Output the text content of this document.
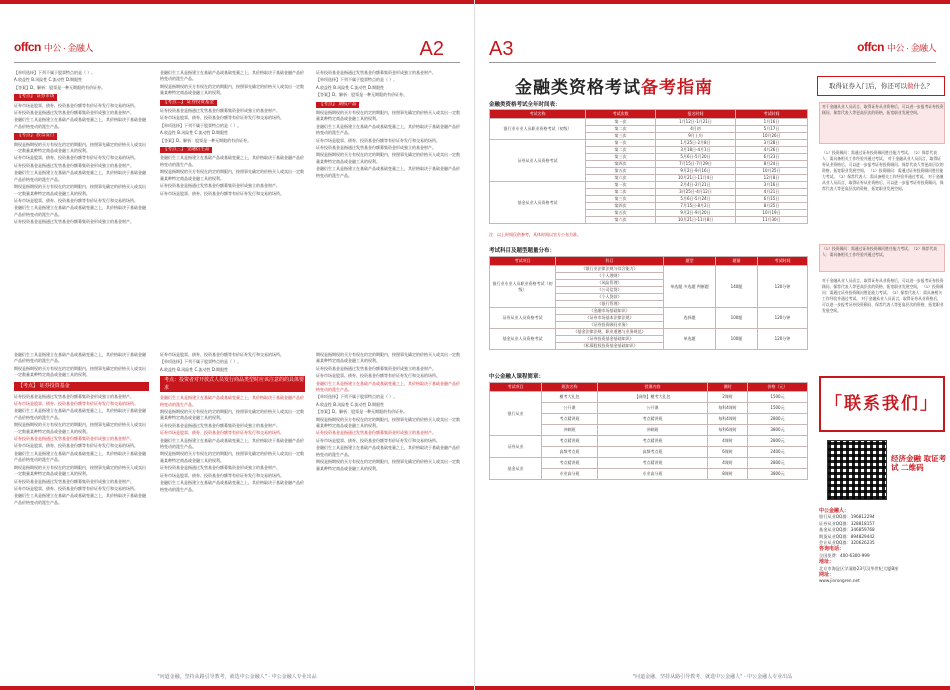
offcn 中公 · 金融人	A2

【单项选择】下列不属于股票特点的是（ ）。

A.收益性 B.风险性 C.流动性 D.期限性

【答案】D。解析：股票是一种无期限的有价证券。

【考点】 证券市场

证券市场是股票、债券、投资基金份额等有价证券发行和交易的场所。

证券投资基金是指通过发售基金份额募集资金形成独立的基金财产。

金融衍生工具是指建立在基础产品或基础变量之上，其价格取决于基础金融产品价格变动的派生产品。

【考点】 股票发行

期权是指期权的买方有权在约定的期限内，按照事先确定的价格买入或卖出一定数量某种特定商品或金融工具的权利。

证券市场是股票、债券、投资基金份额等有价证券发行和交易的场所。

证券投资基金是指通过发售基金份额募集资金形成独立的基金财产。

金融衍生工具是指建立在基础产品或基础变量之上，其价格取决于基础金融产品价格变动的派生产品。

期权是指期权的买方有权在约定的期限内，按照事先确定的价格买入或卖出一定数量某种特定商品或金融工具的权利。

证券市场是股票、债券、投资基金份额等有价证券发行和交易的场所。

金融衍生工具是指建立在基础产品或基础变量之上，其价格取决于基础金融产品价格变动的派生产品。

证券投资基金是指通过发售基金份额募集资金形成独立的基金财产。

金融衍生工具是指建立在基础产品或基础变量之上，其价格取决于基础金融产品价格变动的派生产品。

期权是指期权的买方有权在约定的期限内，按照事先确定的价格买入或卖出一定数量某种特定商品或金融工具的权利。

【考点二】 证券投资基金

证券投资基金是指通过发售基金份额募集资金形成独立的基金财产。

证券市场是股票、债券、投资基金份额等有价证券发行和交易的场所。

【单项选择】下列不属于股票特点的是（ ）。

A.收益性 B.风险性 C.流动性 D.期限性

【答案】D。解析：股票是一种无期限的有价证券。

【考点三】 金融衍生品

金融衍生工具是指建立在基础产品或基础变量之上，其价格取决于基础金融产品价格变动的派生产品。

期权是指期权的买方有权在约定的期限内，按照事先确定的价格买入或卖出一定数量某种特定商品或金融工具的权利。

证券投资基金是指通过发售基金份额募集资金形成独立的基金财产。

证券市场是股票、债券、投资基金份额等有价证券发行和交易的场所。

证券投资基金是指通过发售基金份额募集资金形成独立的基金财产。

【单项选择】下列不属于股票特点的是（ ）。

A.收益性 B.风险性 C.流动性 D.期限性

【答案】D。解析：股票是一种无期限的有价证券。

【考点】 期权产品

期权是指期权的买方有权在约定的期限内，按照事先确定的价格买入或卖出一定数量某种特定商品或金融工具的权利。

金融衍生工具是指建立在基础产品或基础变量之上，其价格取决于基础金融产品价格变动的派生产品。

证券市场是股票、债券、投资基金份额等有价证券发行和交易的场所。

证券投资基金是指通过发售基金份额募集资金形成独立的基金财产。

期权是指期权的买方有权在约定的期限内，按照事先确定的价格买入或卖出一定数量某种特定商品或金融工具的权利。

金融衍生工具是指建立在基础产品或基础变量之上，其价格取决于基础金融产品价格变动的派生产品。

金融衍生工具是指建立在基础产品或基础变量之上，其价格取决于基础金融产品价格变动的派生产品。

期权是指期权的买方有权在约定的期限内，按照事先确定的价格买入或卖出一定数量某种特定商品或金融工具的权利。

【考点】 证券投资基金

证券投资基金是指通过发售基金份额募集资金形成独立的基金财产。

证券市场是股票、债券、投资基金份额等有价证券发行和交易的场所。

金融衍生工具是指建立在基础产品或基础变量之上，其价格取决于基础金融产品价格变动的派生产品。

期权是指期权的买方有权在约定的期限内，按照事先确定的价格买入或卖出一定数量某种特定商品或金融工具的权利。

证券投资基金是指通过发售基金份额募集资金形成独立的基金财产。

证券市场是股票、债券、投资基金份额等有价证券发行和交易的场所。

金融衍生工具是指建立在基础产品或基础变量之上，其价格取决于基础金融产品价格变动的派生产品。

期权是指期权的买方有权在约定的期限内，按照事先确定的价格买入或卖出一定数量某种特定商品或金融工具的权利。

证券投资基金是指通过发售基金份额募集资金形成独立的基金财产。

证券市场是股票、债券、投资基金份额等有价证券发行和交易的场所。

金融衍生工具是指建立在基础产品或基础变量之上，其价格取决于基础金融产品价格变动的派生产品。

证券市场是股票、债券、投资基金份额等有价证券发行和交易的场所。

【单项选择】下列不属于股票特点的是（ ）。

A.收益性 B.风险性 C.流动性 D.期限性

考点：投资者对开放式人员发行商品类型时应该注意的的具体要求

金融衍生工具是指建立在基础产品或基础变量之上，其价格取决于基础金融产品价格变动的派生产品。

期权是指期权的买方有权在约定的期限内，按照事先确定的价格买入或卖出一定数量某种特定商品或金融工具的权利。

证券投资基金是指通过发售基金份额募集资金形成独立的基金财产。

证券市场是股票、债券、投资基金份额等有价证券发行和交易的场所。

金融衍生工具是指建立在基础产品或基础变量之上，其价格取决于基础金融产品价格变动的派生产品。

期权是指期权的买方有权在约定的期限内，按照事先确定的价格买入或卖出一定数量某种特定商品或金融工具的权利。

证券投资基金是指通过发售基金份额募集资金形成独立的基金财产。

证券市场是股票、债券、投资基金份额等有价证券发行和交易的场所。

金融衍生工具是指建立在基础产品或基础变量之上，其价格取决于基础金融产品价格变动的派生产品。

期权是指期权的买方有权在约定的期限内，按照事先确定的价格买入或卖出一定数量某种特定商品或金融工具的权利。

证券投资基金是指通过发售基金份额募集资金形成独立的基金财产。

证券市场是股票、债券、投资基金份额等有价证券发行和交易的场所。

金融衍生工具是指建立在基础产品或基础变量之上，其价格取决于基础金融产品价格变动的派生产品。

【单项选择】下列不属于股票特点的是（ ）。

A.收益性 B.风险性 C.流动性 D.期限性

【答案】D。解析：股票是一种无期限的有价证券。

期权是指期权的买方有权在约定的期限内，按照事先确定的价格买入或卖出一定数量某种特定商品或金融工具的权利。

证券投资基金是指通过发售基金份额募集资金形成独立的基金财产。

证券市场是股票、债券、投资基金份额等有价证券发行和交易的场所。

金融衍生工具是指建立在基础产品或基础变量之上，其价格取决于基础金融产品价格变动的派生产品。

期权是指期权的买方有权在约定的期限内，按照事先确定的价格买入或卖出一定数量某种特定商品或金融工具的权利。

"问道金融，坚持从路引导教考，就选中公金融人" · 中公金融人专业出品
A3	offcn 中公 · 金融人
金融类资格考试备考指南
金融类资格考试全年时间表：
考试名称	考试次数	报名时间	考试时间
银行业专业人员职业资格考试（初级）	第一次	1月12日-1月21日	1月16日
	第二次	4月初	5月17日
	第三次	9月上旬	10月26日
证券从业人员资格考试	第一次	1月25日-2月8日	3月28日
	第二次	3月18日-4月1日	4月26日
	第三次	5月6日-5月20日	6月23日
	第四次	7月15日-7月29日	8月24日
	第五次	9月2日-9月16日	10月25日
	第六次	10月21日-11月4日	12月8日
基金从业人员资格考试	第一次	2月4日-2月21日	3月16日
	第二次	3月25日-4月12日	4月21日
	第三次	5月6日-5月24日	6月15日
	第四次	7月15日-8月2日	8月25日
	第五次	9月2日-9月20日	10月19日
	第六次	10月21日-11月8日	11月30日
注：以上时间仅供参考，具体时间以官方公布为准。
考试科目及题型题量分布：
考试项目	科目	题型	题量	考试时间
银行业专业人员职业资格考试（初级）	《银行业法律法规与综合能力》	单选题 多选题 判断题	140题	120分钟
	《个人理财》			
	《风险管理》			
	《公司信贷》			
	《个人贷款》			
	《银行管理》			
证券从业人员资格考试	《金融市场基础知识》	选择题	100题	120分钟
	《证券市场基本法律法规》			
	《证券投资顾问业务》			
基金从业人员资格考试	《基金法律法规、职业道德与业务规范》	单选题	100题	120分钟
	《证券投资基金基础知识》			
	《私募股权投资基金基础知识》			
中公金融人课程简章：
考试项目	班次名称	授课内容	课时	价格（元）
银行从业	模考大礼包	【网络】模考大礼包	2课时	1500元
	公开课	公开课	每科4课时	1500元
	考点精讲班	考点精讲班	每科4课时	2800元
	冲刺班	冲刺班	每科6课时	3800元
证券从业	考点精讲班	考点精讲班	4课时	2800元
	高频考点班	高频考点班	6课时	2400元
基金从业	考点精讲班	考点精讲班	4课时	2800元
	专业高分班	专业高分班	8课时	3800元
取得证券入门后，你还可以做什么？
对于金融从业人员而言，取得证券从业资格后，可以进一步报考证券投资顾问、保荐代表人等更高层次的资格，拓宽职业发展空间。
（1）投资顾问：需通过证券投资顾问胜任能力考试。（2）保荐代表人：需具备相关工作经验并通过考试。 对于金融从业人员而言，取得证券从业资格后，可以进一步报考证券投资顾问、保荐代表人等更高层次的资格，拓宽职业发展空间。 （1）投资顾问：需通过证券投资顾问胜任能力考试。（2）保荐代表人：需具备相关工作经验并通过考试。 对于金融从业人员而言，取得证券从业资格后，可以进一步报考证券投资顾问、保荐代表人等更高层次的资格，拓宽职业发展空间。
（1）投资顾问：需通过证券投资顾问胜任能力考试。（2）保荐代表人：需具备相关工作经验并通过考试。
对于金融从业人员而言，取得证券从业资格后，可以进一步报考证券投资顾问、保荐代表人等更高层次的资格，拓宽职业发展空间。 （1）投资顾问：需通过证券投资顾问胜任能力考试。（2）保荐代表人：需具备相关工作经验并通过考试。 对于金融从业人员而言，取得证券从业资格后，可以进一步报考证券投资顾问、保荐代表人等更高层次的资格，拓宽职业发展空间。
「联系我们」
经济金融 取证考试 二维码
中公金融人：
银行从业QQ群：196812294
证券从业QQ群：328818157
基金从业QQ群：346859768
期货从业QQ群：894829442
会计从业QQ群：320626235
咨询电话：
全国免费：400-6300-999
地址：
北京市海淀区学清路23号汉华世纪大厦B座
网址：
www.jinrongren.net
"问道金融，坚持从路引导教考，就选中公金融人" · 中公金融人专业出品
